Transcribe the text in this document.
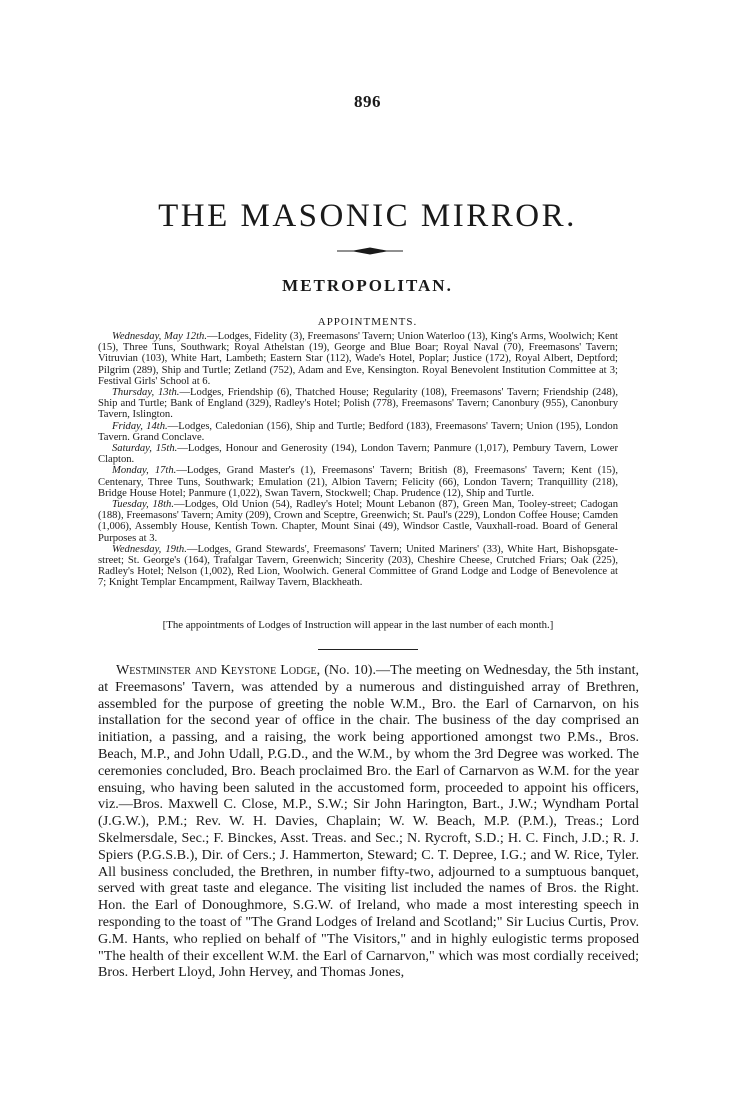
896
THE MASONIC MIRROR.
METROPOLITAN.
APPOINTMENTS.

Wednesday, May 12th.—Lodges, Fidelity (3), Freemasons' Tavern; Union Waterloo (13), King's Arms, Woolwich; Kent (15), Three Tuns, Southwark; Royal Athelstan (19), George and Blue Boar; Royal Naval (70), Freemasons' Tavern; Vitruvian (103), White Hart, Lambeth; Eastern Star (112), Wade's Hotel, Poplar; Justice (172), Royal Albert, Deptford; Pilgrim (289), Ship and Turtle; Zetland (752), Adam and Eve, Kensington. Royal Benevolent Institution Committee at 3; Festival Girls' School at 6.

Thursday, 13th.—Lodges, Friendship (6), Thatched House; Regularity (108), Freemasons' Tavern; Friendship (248), Ship and Turtle; Bank of England (329), Radley's Hotel; Polish (778), Freemasons' Tavern; Canonbury (955), Canonbury Tavern, Islington.

Friday, 14th.—Lodges, Caledonian (156), Ship and Turtle; Bedford (183), Freemasons' Tavern; Union (195), London Tavern. Grand Conclave.

Saturday, 15th.—Lodges, Honour and Generosity (194), London Tavern; Panmure (1,017), Pembury Tavern, Lower Clapton.

Monday, 17th.—Lodges, Grand Master's (1), Freemasons' Tavern; British (8), Freemasons' Tavern; Kent (15), Centenary, Three Tuns, Southwark; Emulation (21), Albion Tavern; Felicity (66), London Tavern; Tranquillity (218), Bridge House Hotel; Panmure (1,022), Swan Tavern, Stockwell; Chap. Prudence (12), Ship and Turtle.

Tuesday, 18th.—Lodges, Old Union (54), Radley's Hotel; Mount Lebanon (87), Green Man, Tooley-street; Cadogan (188), Freemasons' Tavern; Amity (209), Crown and Sceptre, Greenwich; St. Paul's (229), London Coffee House; Camden (1,006), Assembly House, Kentish Town. Chapter, Mount Sinai (49), Windsor Castle, Vauxhall-road. Board of General Purposes at 3.

Wednesday, 19th.—Lodges, Grand Stewards', Freemasons' Tavern; United Mariners' (33), White Hart, Bishopsgate-street; St. George's (164), Trafalgar Tavern, Greenwich; Sincerity (203), Cheshire Cheese, Crutched Friars; Oak (225), Radley's Hotel; Nelson (1,002), Red Lion, Woolwich. General Committee of Grand Lodge and Lodge of Benevolence at 7; Knight Templar Encampment, Railway Tavern, Blackheath.

[The appointments of Lodges of Instruction will appear in the last number of each month.]

Westminster and Keystone Lodge, (No. 10).—The meeting on Wednesday, the 5th instant, at Freemasons' Tavern, was attended by a numerous and distinguished array of Brethren, assembled for the purpose of greeting the noble W.M., Bro. the Earl of Carnarvon, on his installation for the second year of office in the chair. The business of the day comprised an initiation, a passing, and a raising, the work being apportioned amongst two P.Ms., Bros. Beach, M.P., and John Udall, P.G.D., and the W.M., by whom the 3rd Degree was worked. The ceremonies concluded, Bro. Beach proclaimed Bro. the Earl of Carnarvon as W.M. for the year ensuing, who having been saluted in the accustomed form, proceeded to appoint his officers, viz.—Bros. Maxwell C. Close, M.P., S.W.; Sir John Harington, Bart., J.W.; Wyndham Portal (J.G.W.), P.M.; Rev. W. H. Davies, Chaplain; W. W. Beach, M.P. (P.M.), Treas.; Lord Skelmersdale, Sec.; F. Binckes, Asst. Treas. and Sec.; N. Rycroft, S.D.; H. C. Finch, J.D.; R. J. Spiers (P.G.S.B.), Dir. of Cers.; J. Hammerton, Steward; C. T. Depree, I.G.; and W. Rice, Tyler. All business concluded, the Brethren, in number fifty-two, adjourned to a sumptuous banquet, served with great taste and elegance. The visiting list included the names of Bros. the Right. Hon. the Earl of Donoughmore, S.G.W. of Ireland, who made a most interesting speech in responding to the toast of "The Grand Lodges of Ireland and Scotland;" Sir Lucius Curtis, Prov. G.M. Hants, who replied on behalf of "The Visitors," and in highly eulogistic terms proposed "The health of their excellent W.M. the Earl of Carnarvon," which was most cordially received; Bros. Herbert Lloyd, John Hervey, and Thomas Jones,
